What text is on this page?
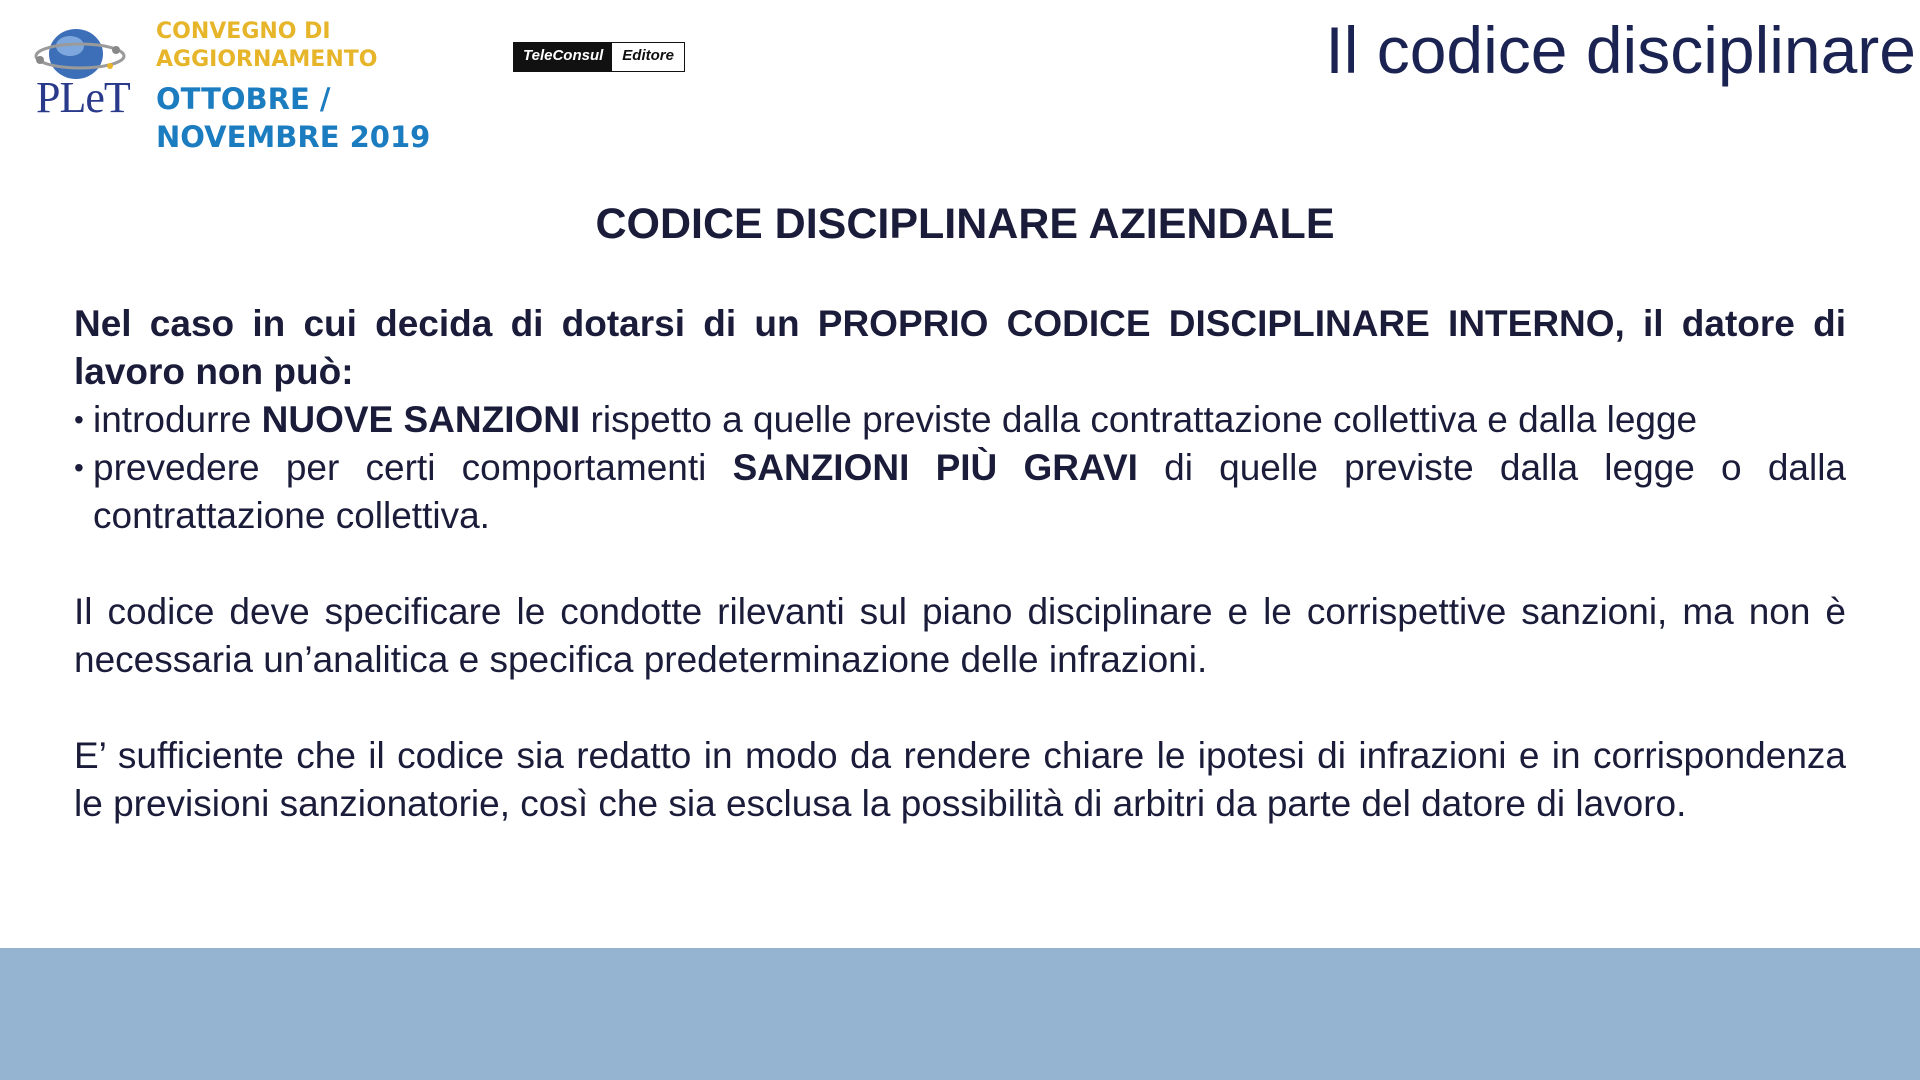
PLeT
CONVEGNO DI
AGGIORNAMENTO
OTTOBRE /
NOVEMBRE 2019
TeleConsul	Editore	Il codice disciplinare
CODICE DISCIPLINARE AZIENDALE

Nel caso in cui decida di dotarsi di un PROPRIO CODICE DISCIPLINARE INTERNO, il datore di lavoro non può:

• introdurre NUOVE SANZIONI rispetto a quelle previste dalla contrattazione collettiva e dalla legge

• prevedere per certi comportamenti SANZIONI PIÙ GRAVI di quelle previste dalla legge o dalla contrattazione collettiva.

Il codice deve specificare le condotte rilevanti sul piano disciplinare e le corrispettive sanzioni, ma non è necessaria un’analitica e specifica predeterminazione delle infrazioni.

E’ sufficiente che il codice sia redatto in modo da rendere chiare le ipotesi di infrazioni e in corrispondenza le previsioni sanzionatorie, così che sia esclusa la possibilità di arbitri da parte del datore di lavoro.
